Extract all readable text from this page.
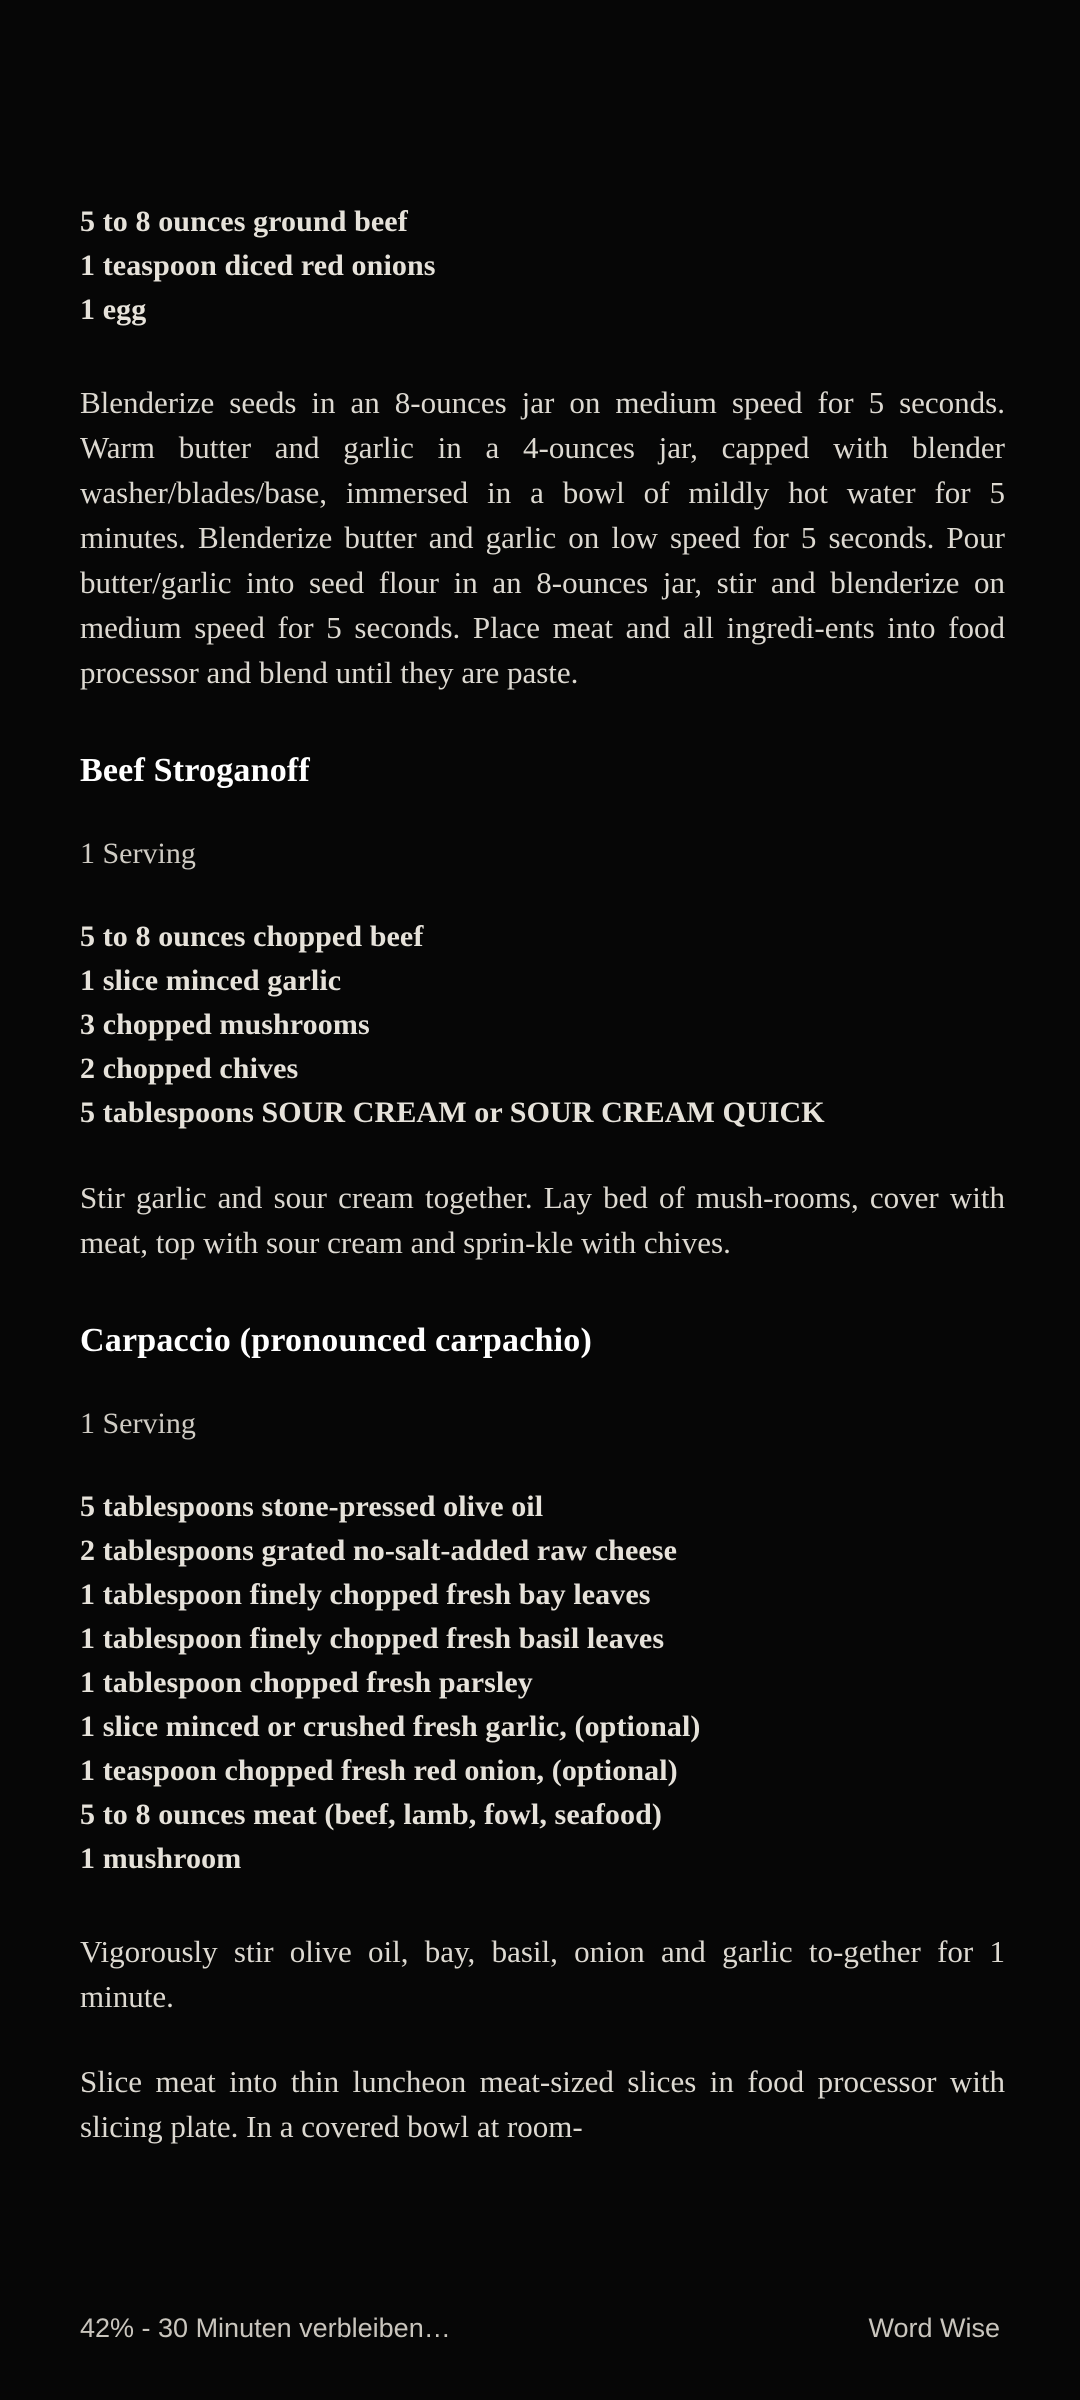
5 to 8 ounces ground beef
1 teaspoon diced red onions
1 egg

Blenderize seeds in an 8-ounces jar on medium speed for 5 seconds. Warm butter and garlic in a 4-ounces jar, capped with blender washer/blades/base, immersed in a bowl of mildly hot water for 5 minutes. Blenderize butter and garlic on low speed for 5 seconds. Pour butter/garlic into seed flour in an 8-ounces jar, stir and blenderize on medium speed for 5 seconds. Place meat and all ingredi-ents into food processor and blend until they are paste.

Beef Stroganoff

1 Serving

5 to 8 ounces chopped beef
1 slice minced garlic
3 chopped mushrooms
2 chopped chives
5 tablespoons SOUR CREAM or SOUR CREAM QUICK

Stir garlic and sour cream together. Lay bed of mush-rooms, cover with meat, top with sour cream and sprin-kle with chives.

Carpaccio (pronounced carpachio)

1 Serving

5 tablespoons stone-pressed olive oil
2 tablespoons grated no-salt-added raw cheese
1 tablespoon finely chopped fresh bay leaves
1 tablespoon finely chopped fresh basil leaves
1 tablespoon chopped fresh parsley
1 slice minced or crushed fresh garlic, (optional)
1 teaspoon chopped fresh red onion, (optional)
5 to 8 ounces meat (beef, lamb, fowl, seafood)
1 mushroom

Vigorously stir olive oil, bay, basil, onion and garlic to-gether for 1 minute.

Slice meat into thin luncheon meat-sized slices in food processor with slicing plate. In a covered bowl at room-

42% - 30 Minuten verbleiben…	Word Wise
